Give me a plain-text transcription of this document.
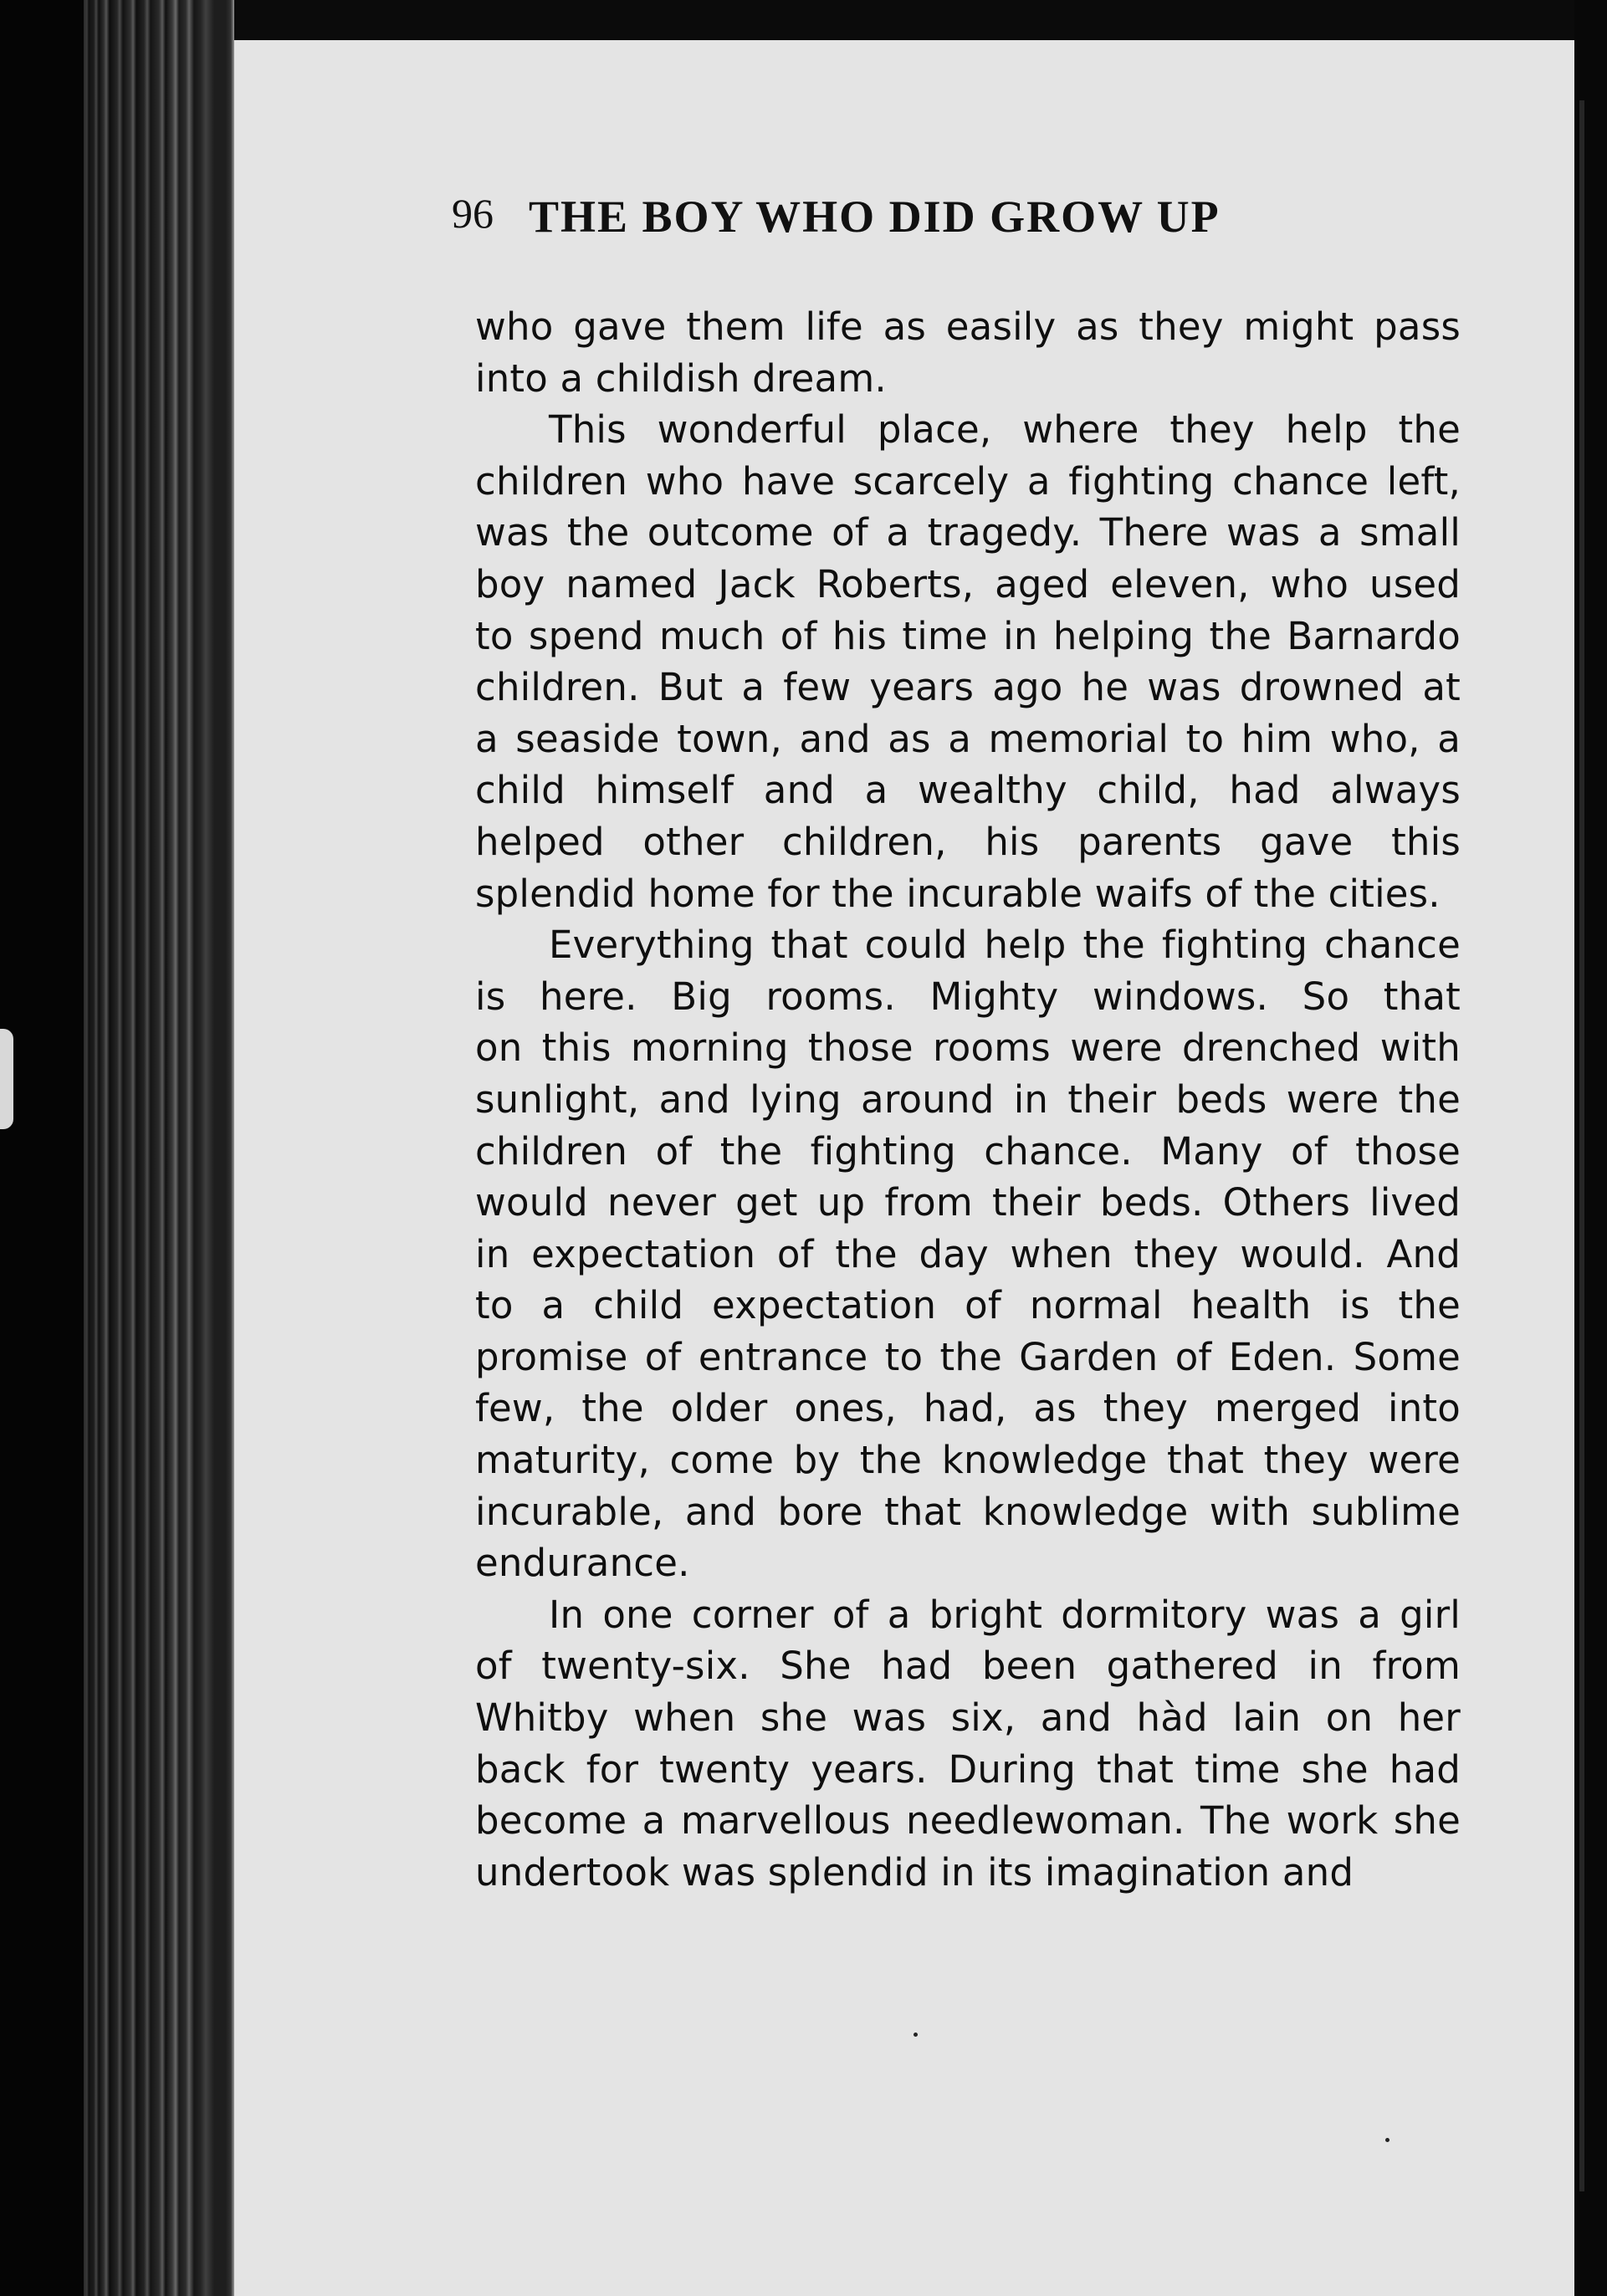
96 THE BOY WHO DID GROW UP
who gave them life as easily as they might pass
into a childish dream.
This wonderful place, where they help the
children who have scarcely a fighting chance left,
was the outcome of a tragedy. There was a small
boy named Jack Roberts, aged eleven, who used
to spend much of his time in helping the Barnardo
children. But a few years ago he was drowned at
a seaside town, and as a memorial to him who, a
child himself and a wealthy child, had always
helped other children, his parents gave this
splendid home for the incurable waifs of the cities.
Everything that could help the fighting chance
is here. Big rooms. Mighty windows. So that
on this morning those rooms were drenched with
sunlight, and lying around in their beds were the
children of the fighting chance. Many of those
would never get up from their beds. Others lived
in expectation of the day when they would. And
to a child expectation of normal health is the
promise of entrance to the Garden of Eden. Some
few, the older ones, had, as they merged into
maturity, come by the knowledge that they were
incurable, and bore that knowledge with sublime
endurance.
In one corner of a bright dormitory was a girl
of twenty-six. She had been gathered in from
Whitby when she was six, and hàd lain on her
back for twenty years. During that time she had
become a marvellous needlewoman. The work she
undertook was splendid in its imagination and
